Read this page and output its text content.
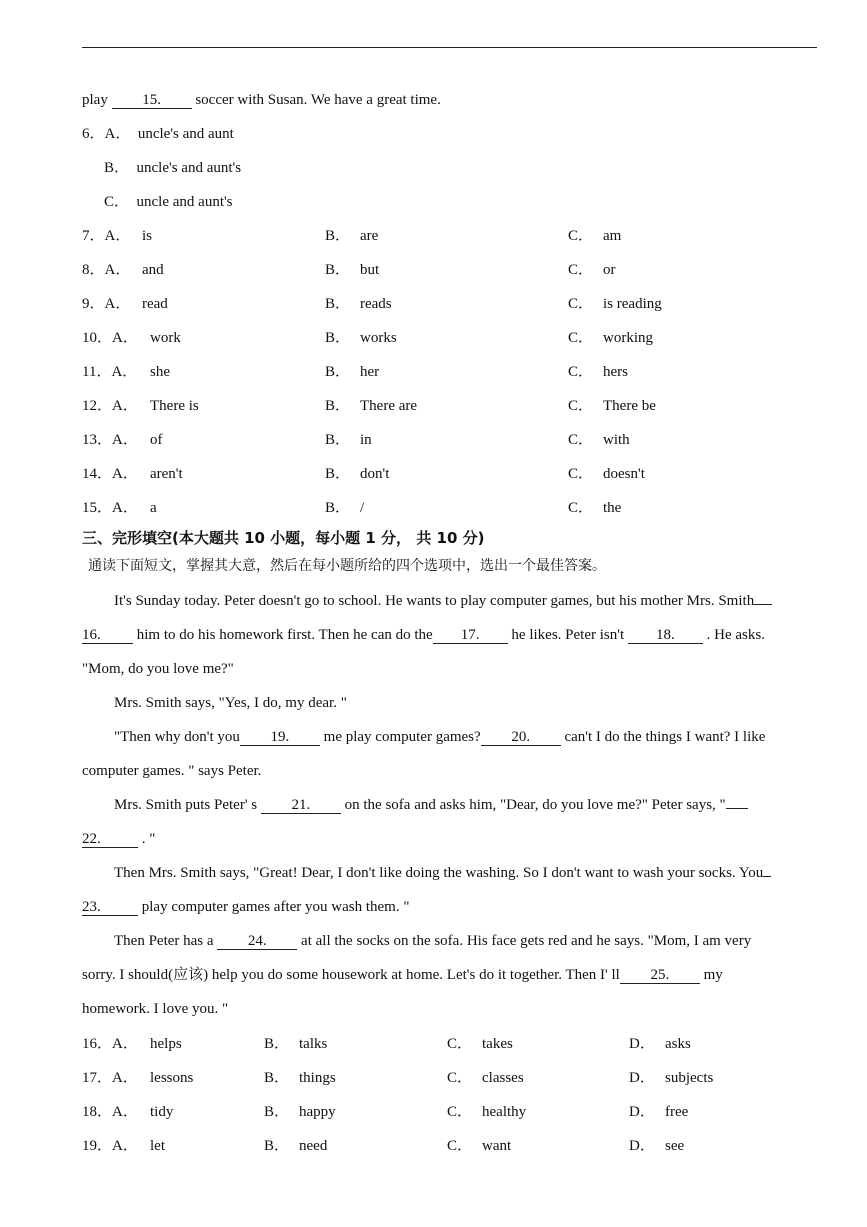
play 15. soccer with Susan. We have a great time.
6．A． uncle's and aunt
B． uncle's and aunt's
C． uncle and aunt's
7．A． is	B． are	C． am
8．A． and	B． but	C． or
9．A． read	B． reads	C． is reading
10．A． work	B． works	C． working
11．A． she	B． her	C． hers
12．A． There is	B． There are	C． There be
13．A． of	B． in	C． with
14．A． aren't	B． don't	C． doesn't
15．A． a	B． /	C． the
三、完形填空(本大题共 10 小题，每小题 1 分， 共 10 分)
通读下面短文，掌握其大意，然后在每小题所给的四个选项中，选出一个最佳答案。
It's Sunday today. Peter doesn't go to school. He wants to play computer games, but his mother Mrs. Smith
16. him to do his homework first. Then he can do the 17. he likes. Peter isn't 18. . He asks.
"Mom, do you love me?"
Mrs. Smith says, "Yes, I do, my dear. "
"Then why don't you 19. me play computer games? 20. can't I do the things I want? I like
computer games. " says Peter.
Mrs. Smith puts Peter' s 21. on the sofa and asks him, "Dear, do you love me?" Peter says, "
22. . "
Then Mrs. Smith says, "Great! Dear, I don't like doing the washing. So I don't want to wash your socks. You
23. play computer games after you wash them. "
Then Peter has a 24. at all the socks on the sofa. His face gets red and he says. "Mom, I am very
sorry. I should(应该) help you do some housework at home. Let's do it together. Then I' ll 25. my
homework. I love you. "
16．A． helps	B． talks	C． takes	D． asks
17．A． lessons	B． things	C． classes	D． subjects
18．A． tidy	B． happy	C． healthy	D． free
19．A． let	B． need	C． want	D． see
